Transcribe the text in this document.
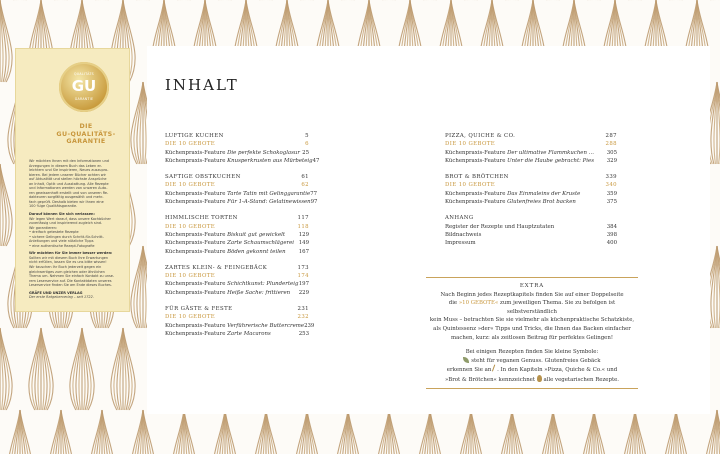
QUALITÄTS
GU
GARANTIE
DIE
GU-QUALITÄTS-
GARANTIE
Wir möchten Ihnen mit den Informationen und
Anregungen in diesem Buch das Leben er-
leichtern und Sie inspirieren, Neues auszupro-
bieren. Bei jedem unserer Bücher achten wir
auf Aktualität und stellen höchste Ansprüche
an Inhalt, Optik und Ausstattung. Alle Rezepte
und Informationen werden von unseren Auto-
ren gewissenhaft erstellt und von unseren Re-
dakteuren sorgfältig ausgewählt und mehr-
fach geprüft. Deshalb bieten wir Ihnen eine
100 %ige Qualitätsgarantie.
Darauf können Sie sich verlassen:
Wir legen Wert darauf, dass unsere Kochbücher
zuverlässig und inspirierend zugleich sind.
Wir garantieren:
• dreifach getestete Rezepte
• sichere Gelingen durch Schritt-für-Schritt-
Anleitungen und viele nützliche Tipps
• eine authentische Rezept-Fotografie
Wir möchten für Sie immer besser werden:
Sollten wir mit diesem Buch Ihre Erwartungen
nicht erfüllen, lassen Sie es uns bitte wissen!
Wir tauschen Ihr Buch jederzeit gegen ein
gleichwertiges zum gleichen oder ähnlichen
Thema um. Nehmen Sie einfach Kontakt zu unse-
rem Leserservice auf. Die Kontaktdaten unseres
Leserservice finden Sie am Ende dieses Buches.
GRÄFE UND UNZER VERLAG
Der erste Ratgeberverlag – seit 1722.
INHALT
LUFTIGE KUCHEN	5
DIE 10 GEBOTE	6
Küchenpraxis-Feature Die perfekte Schokoglasur 25
Küchenpraxis-Feature Knusperkrusten aus Mürbeteig 47
SAFTIGE OBSTKUCHEN	61
DIE 10 GEBOTE	62
Küchenpraxis-Feature Tarte Tatin mit Gelinggarantie 77
Küchenpraxis-Feature Für 1-A-Stand: Gelatinewissen 97
HIMMLISCHE TORTEN	117
DIE 10 GEBOTE	118
Küchenpraxis-Feature Biskuit gut gewickelt	129
Küchenpraxis-Feature Zarte Schaumschlägerei 149
Küchenpraxis-Feature Böden gekonnt teilen 167
ZARTES KLEIN- & FEINGEBÄCK	173
DIE 10 GEBOTE	174
Küchenpraxis-Feature Schichtkunst: Plunderteig 197
Küchenpraxis-Feature Heiße Sache: frittieren 229
FÜR GÄSTE & FESTE	231
DIE 10 GEBOTE	232
Küchenpraxis-Feature Verführerische Buttercreme 239
Küchenpraxis-Feature Zarte Macarons	253
PIZZA, QUICHE & CO.	287
DIE 10 GEBOTE	288
Küchenpraxis-Feature Der ultimative Flammkuchen … 305
Küchenpraxis-Feature Unter die Haube gebracht: Pies 329
BROT & BRÖTCHEN	339
DIE 10 GEBOTE	340
Küchenpraxis-Feature Das Einmaleins der Kruste	359
Küchenpraxis-Feature Glutenfreies Brot backen	375
ANHANG
Register der Rezepte und Hauptzutaten	384
Bildnachweis	398
Impressum	400
EXTRA
Nach Beginn jedes Rezeptkapitels finden Sie auf einer Doppelseite
die »10 GEBOTE« zum jeweiligen Thema. Sie zu befolgen ist selbstverständlich
kein Muss – betrachten Sie sie vielmehr als küchenpraktische Schatzkiste,
als Quintessenz »der« Tipps und Tricks, die Ihnen das Backen einfacher
machen, kurz: als zeitlosen Beitrag für perfektes Gelingen!
Bei einigen Rezepten finden Sie kleine Symbole:
steht für veganen Genuss. Glutenfreies Gebäck
erkennen Sie an . In den Kapiteln »Pizza, Quiche & Co.« und
»Brot & Brötchen« kennzeichnet  alle vegetarischen Rezepte.
